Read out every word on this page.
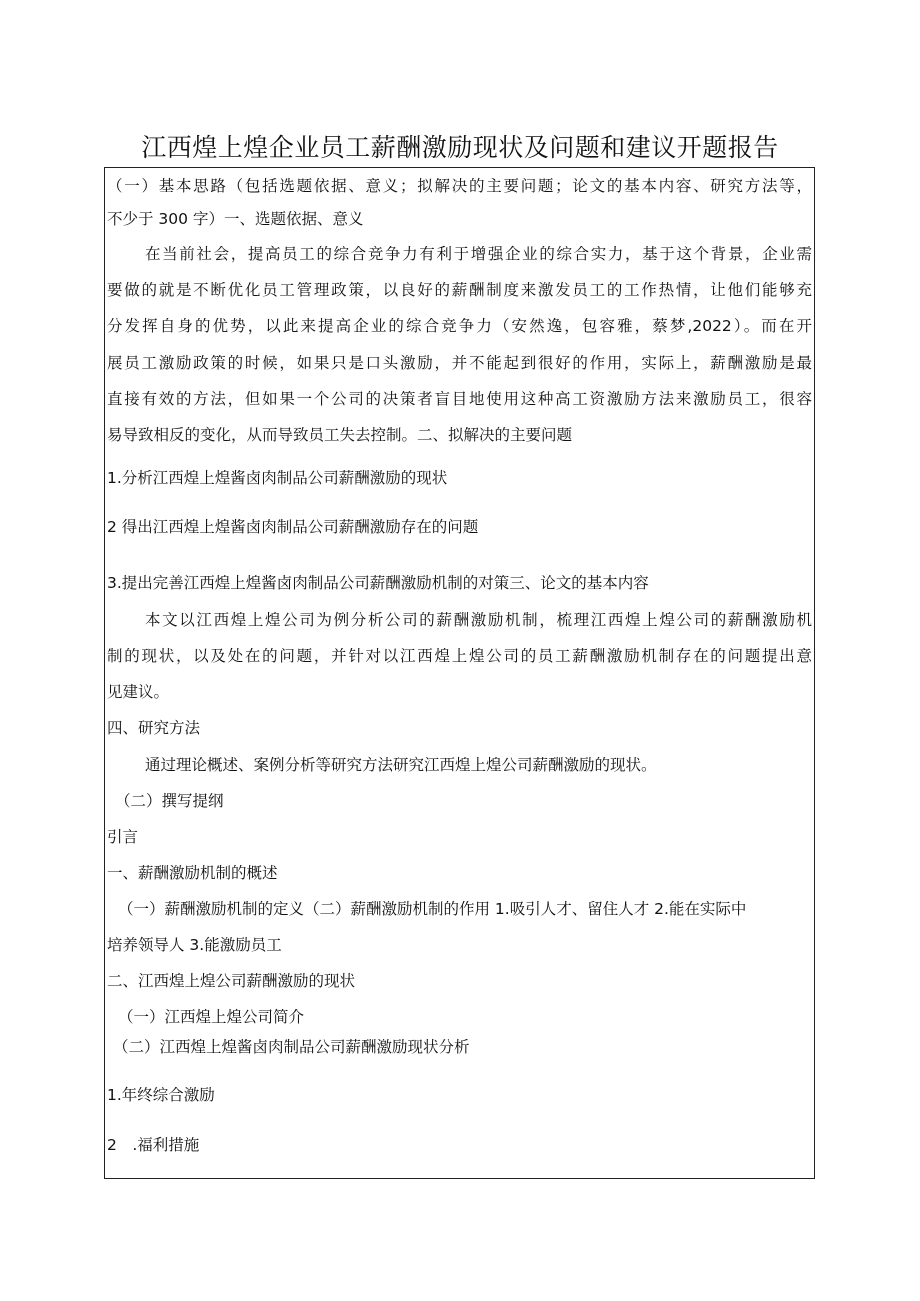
江西煌上煌企业员工薪酬激励现状及问题和建议开题报告
（一）基本思路（包括选题依据、意义；拟解决的主要问题；论文的基本内容、研究方法等，
不少于 300 字）一、选题依据、意义
在当前社会，提高员工的综合竞争力有利于增强企业的综合实力，基于这个背景，企业需
要做的就是不断优化员工管理政策，以良好的薪酬制度来激发员工的工作热情，让他们能够充
分发挥自身的优势，以此来提高企业的综合竞争力（安然逸，包容雅，蔡梦,2022）。而在开
展员工激励政策的时候，如果只是口头激励，并不能起到很好的作用，实际上，薪酬激励是最
直接有效的方法，但如果一个公司的决策者盲目地使用这种高工资激励方法来激励员工，很容
易导致相反的变化，从而导致员工失去控制。二、拟解决的主要问题
1.分析江西煌上煌酱卤肉制品公司薪酬激励的现状
2 得出江西煌上煌酱卤肉制品公司薪酬激励存在的问题
3.提出完善江西煌上煌酱卤肉制品公司薪酬激励机制的对策三、论文的基本内容
本文以江西煌上煌公司为例分析公司的薪酬激励机制，梳理江西煌上煌公司的薪酬激励机
制的现状，以及处在的问题，并针对以江西煌上煌公司的员工薪酬激励机制存在的问题提出意
见建议。
四、研究方法
通过理论概述、案例分析等研究方法研究江西煌上煌公司薪酬激励的现状。
（二）撰写提纲
引言
一、薪酬激励机制的概述
（一）薪酬激励机制的定义（二）薪酬激励机制的作用 1.吸引人才、留住人才 2.能在实际中
培养领导人 3.能激励员工
二、江西煌上煌公司薪酬激励的现状
（一）江西煌上煌公司简介
（二）江西煌上煌酱卤肉制品公司薪酬激励现状分析
1.年终综合激励
2　.福利措施
